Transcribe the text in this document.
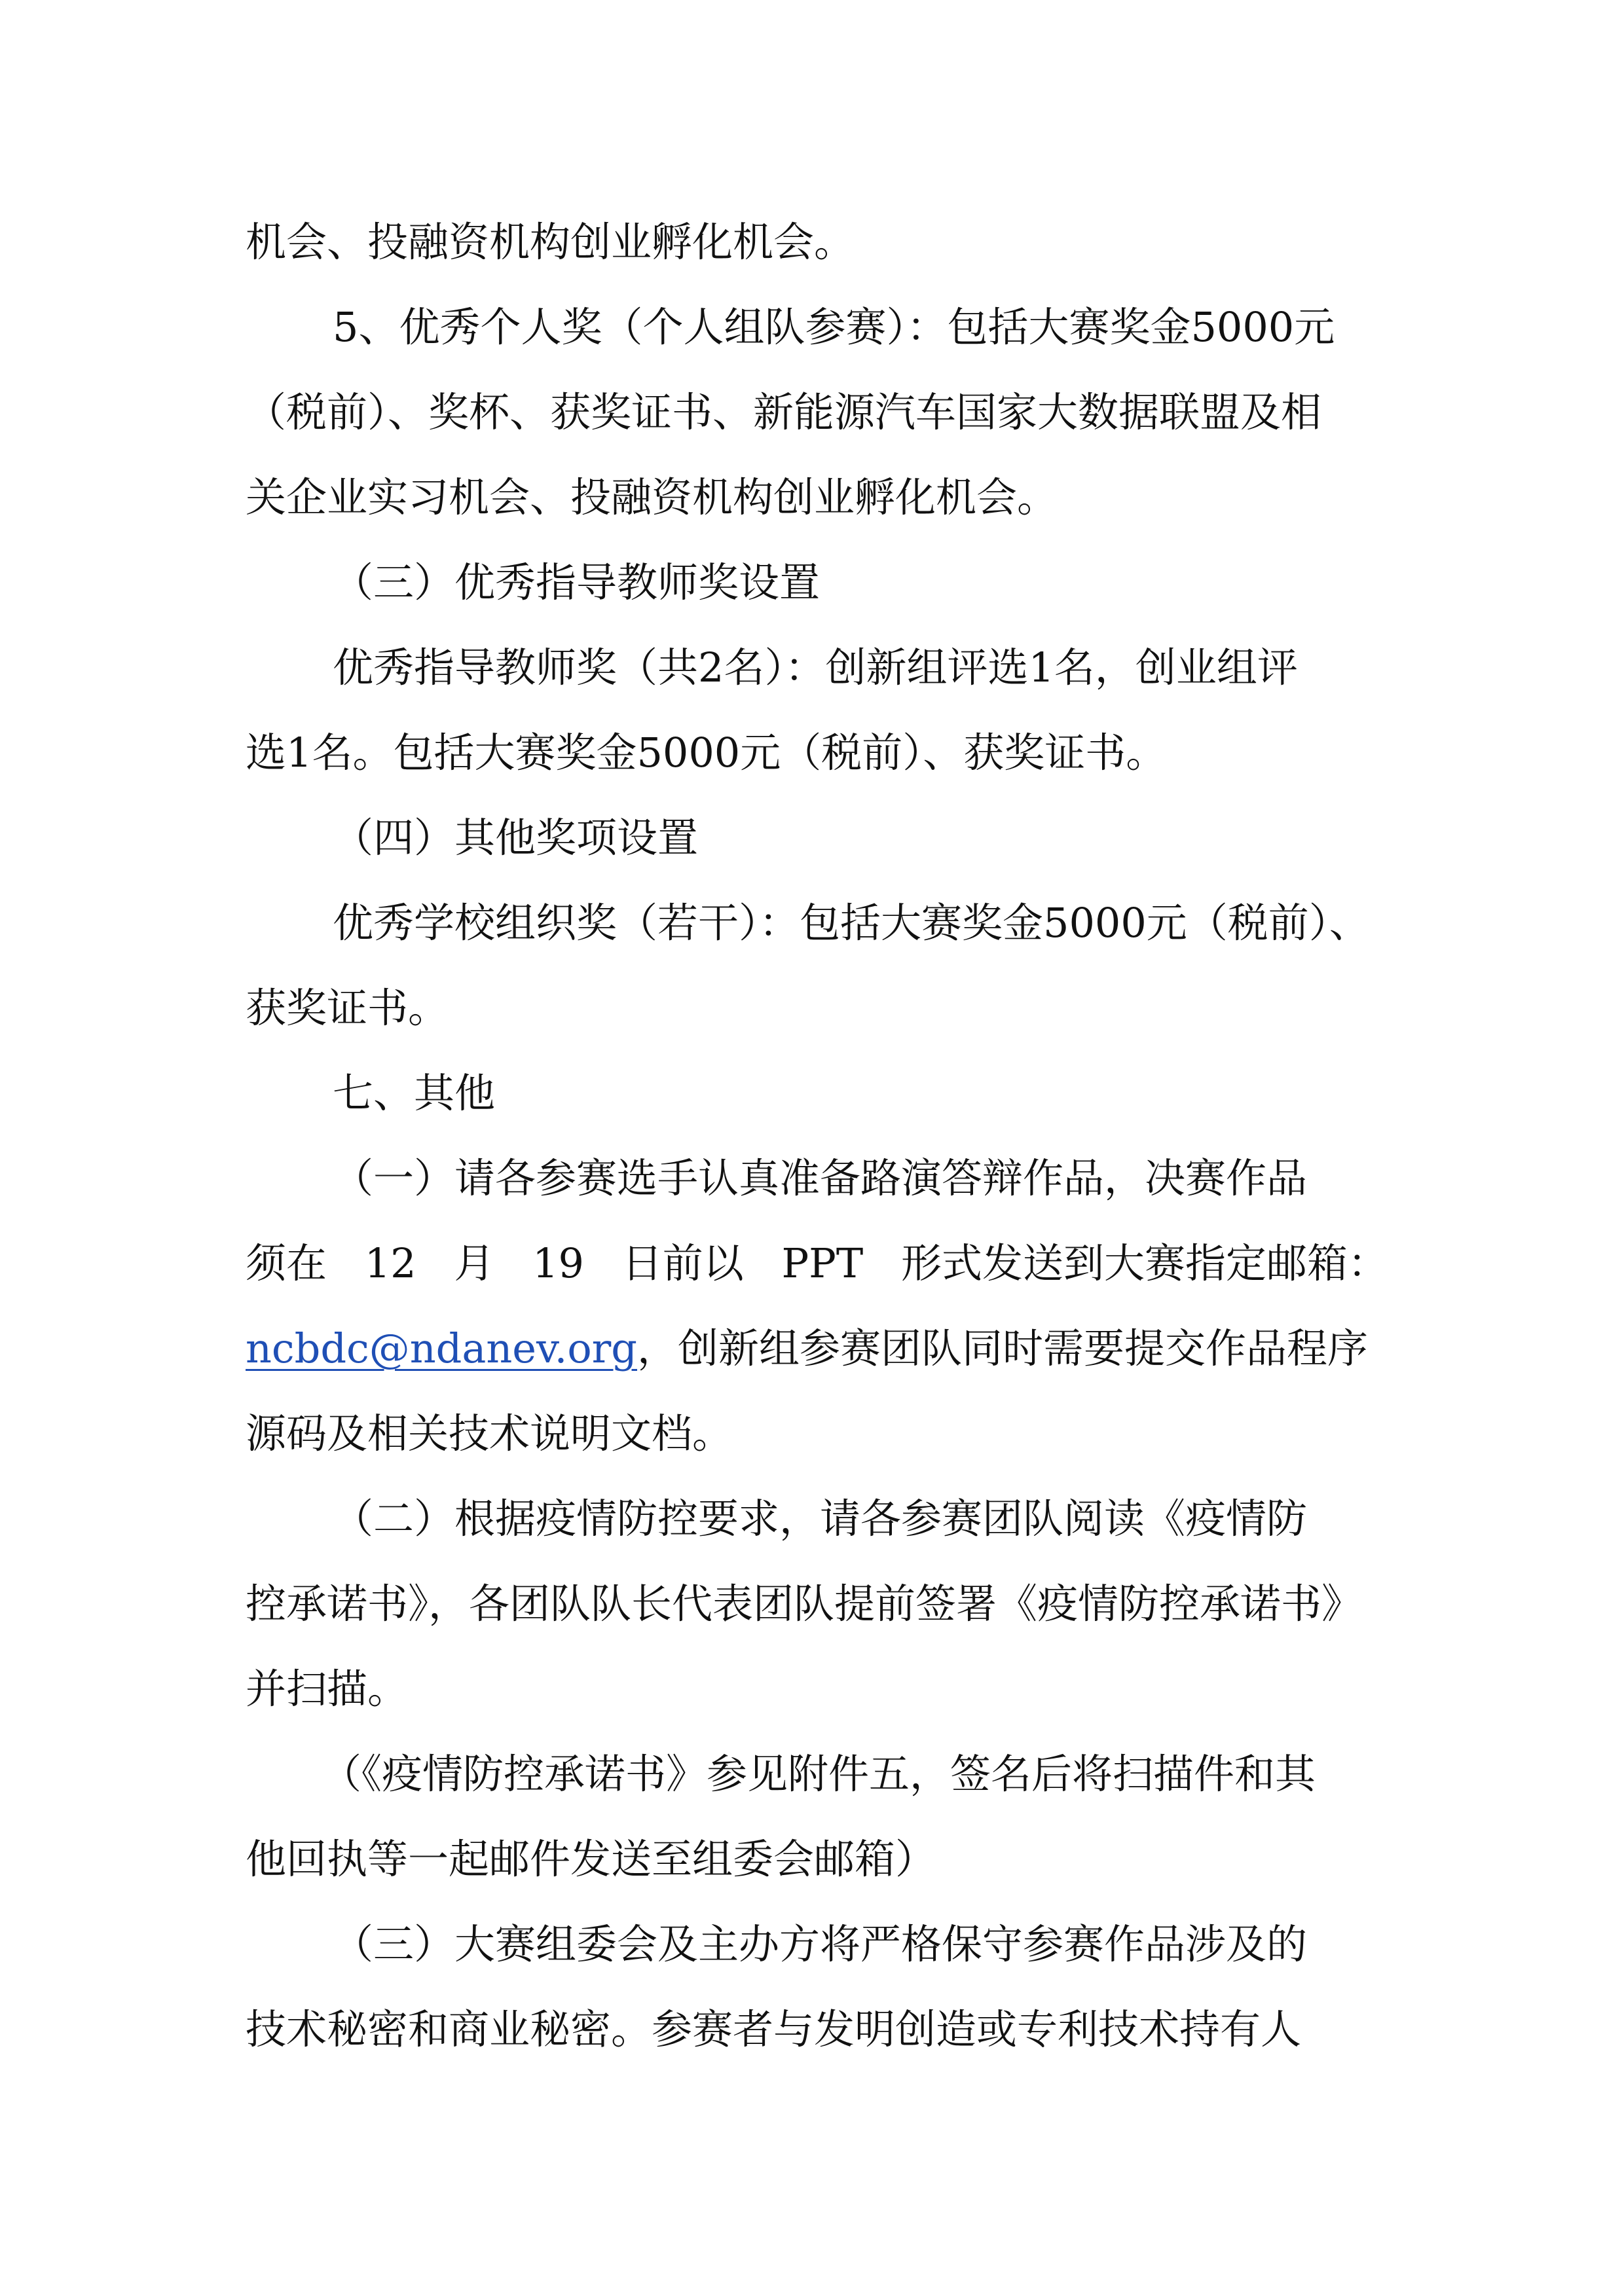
机会、投融资机构创业孵化机会。
5、优秀个人奖（个人组队参赛）：包括大赛奖金5000元
（税前）、奖杯、获奖证书、新能源汽车国家大数据联盟及相
关企业实习机会、投融资机构创业孵化机会。
（三）优秀指导教师奖设置
优秀指导教师奖（共2名）：创新组评选1名，创业组评
选1名。包括大赛奖金5000元（税前）、获奖证书。
（四）其他奖项设置
优秀学校组织奖（若干）：包括大赛奖金5000元（税前）、
获奖证书。
七、其他
（一）请各参赛选手认真准备路演答辩作品，决赛作品
须在 12 月 19 日前以 PPT 形式发送到大赛指定邮箱：
ncbdc@ndanev.org，创新组参赛团队同时需要提交作品程序
源码及相关技术说明文档。
（二）根据疫情防控要求，请各参赛团队阅读《疫情防
控承诺书》，各团队队长代表团队提前签署《疫情防控承诺书》
并扫描。
（《疫情防控承诺书》参见附件五，签名后将扫描件和其
他回执等一起邮件发送至组委会邮箱）
（三）大赛组委会及主办方将严格保守参赛作品涉及的
技术秘密和商业秘密。参赛者与发明创造或专利技术持有人
